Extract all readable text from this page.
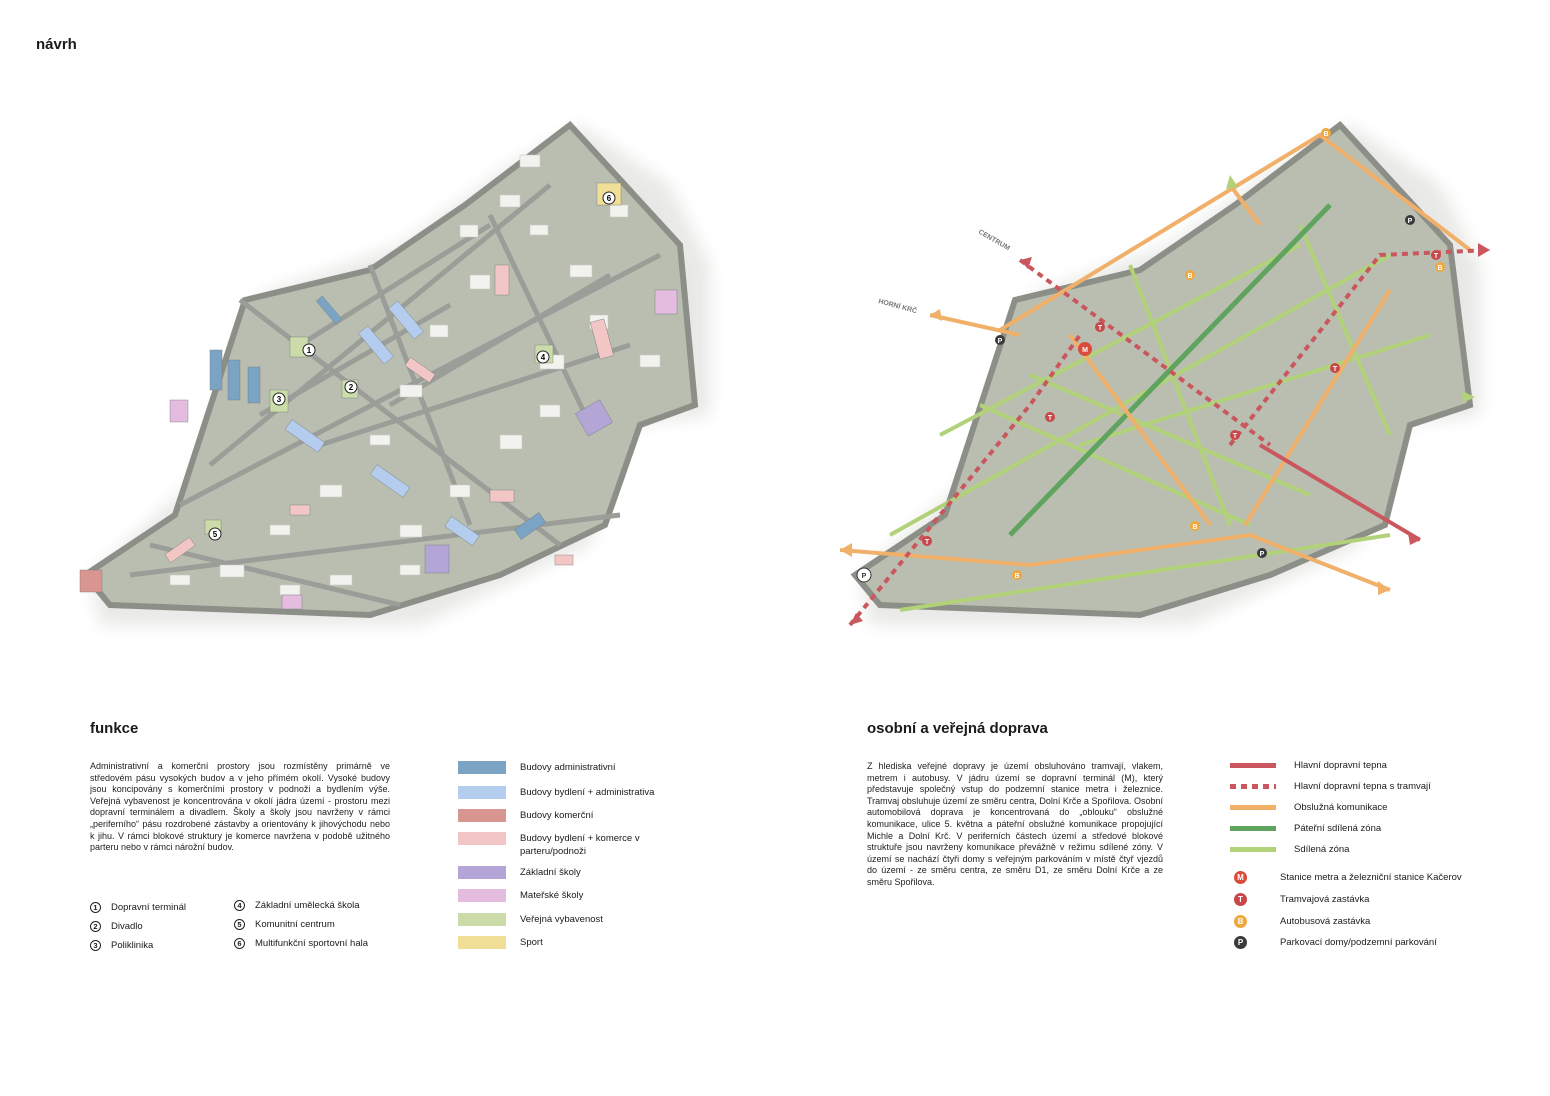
návrh
1
2
3
4
5
6
M
T
T
T
T
T
T
B
B
B
B
B
P
P
P
P
CENTRUM
HORNÍ KRČ
funkce
Administrativní a komerční prostory jsou rozmístěny primárně ve středovém pásu vysokých budov a v jeho přímém okolí. Vysoké budovy jsou koncipovány s komerčními prostory v podnoži a bydlením výše. Veřejná vybavenost je koncentrována v okolí jádra území - prostoru mezi dopravní terminálem a divadlem. Školy a školy jsou navrženy v rámci „periferního“ pásu rozdrobené zástavby a orientovány k jihovýchodu nebo k jihu. V rámci blokové struktury je komerce navržena v podobě užitného parteru nebo v rámci nárožní budov.
1	Dopravní terminál
2	Divadlo
3	Poliklinika
4	Základní umělecká škola
5	Komunitní centrum
6	Multifunkční sportovní hala
Budovy administrativní
Budovy bydlení + administrativa
Budovy komerční
Budovy bydlení + komerce v parteru/podnoži
Základní školy
Mateřské školy
Veřejná vybavenost
Sport
osobní a veřejná doprava
Z hlediska veřejné dopravy je území obsluhováno tramvají, vlakem, metrem i autobusy. V jádru území se dopravní terminál (M), který představuje společný vstup do podzemní stanice metra i železnice. Tramvaj obsluhuje území ze směru centra, Dolní Krče a Spořilova. Osobní automobilová doprava je koncentrovaná do „oblouku“ obslužné komunikace, ulice 5. května a páteřní obslužné komunikace propojující Michle a Dolní Krč. V periferních částech území a středové blokové struktuře jsou navrženy komunikace převážně v režimu sdílené zóny. V území se nachází čtyři domy s veřejným parkováním v místě čtyř vjezdů do území - ze směru centra, ze směru D1, ze směru Dolní Krče a ze směru Spořilova.
Hlavní dopravní tepna
Hlavní dopravní tepna s tramvají
Obslužná komunikace
Páteřní sdílená zóna
Sdílená zóna
M	Stanice metra a železniční stanice Kačerov
T	Tramvajová zastávka
B	Autobusová zastávka
P	Parkovací domy/podzemní parkování
